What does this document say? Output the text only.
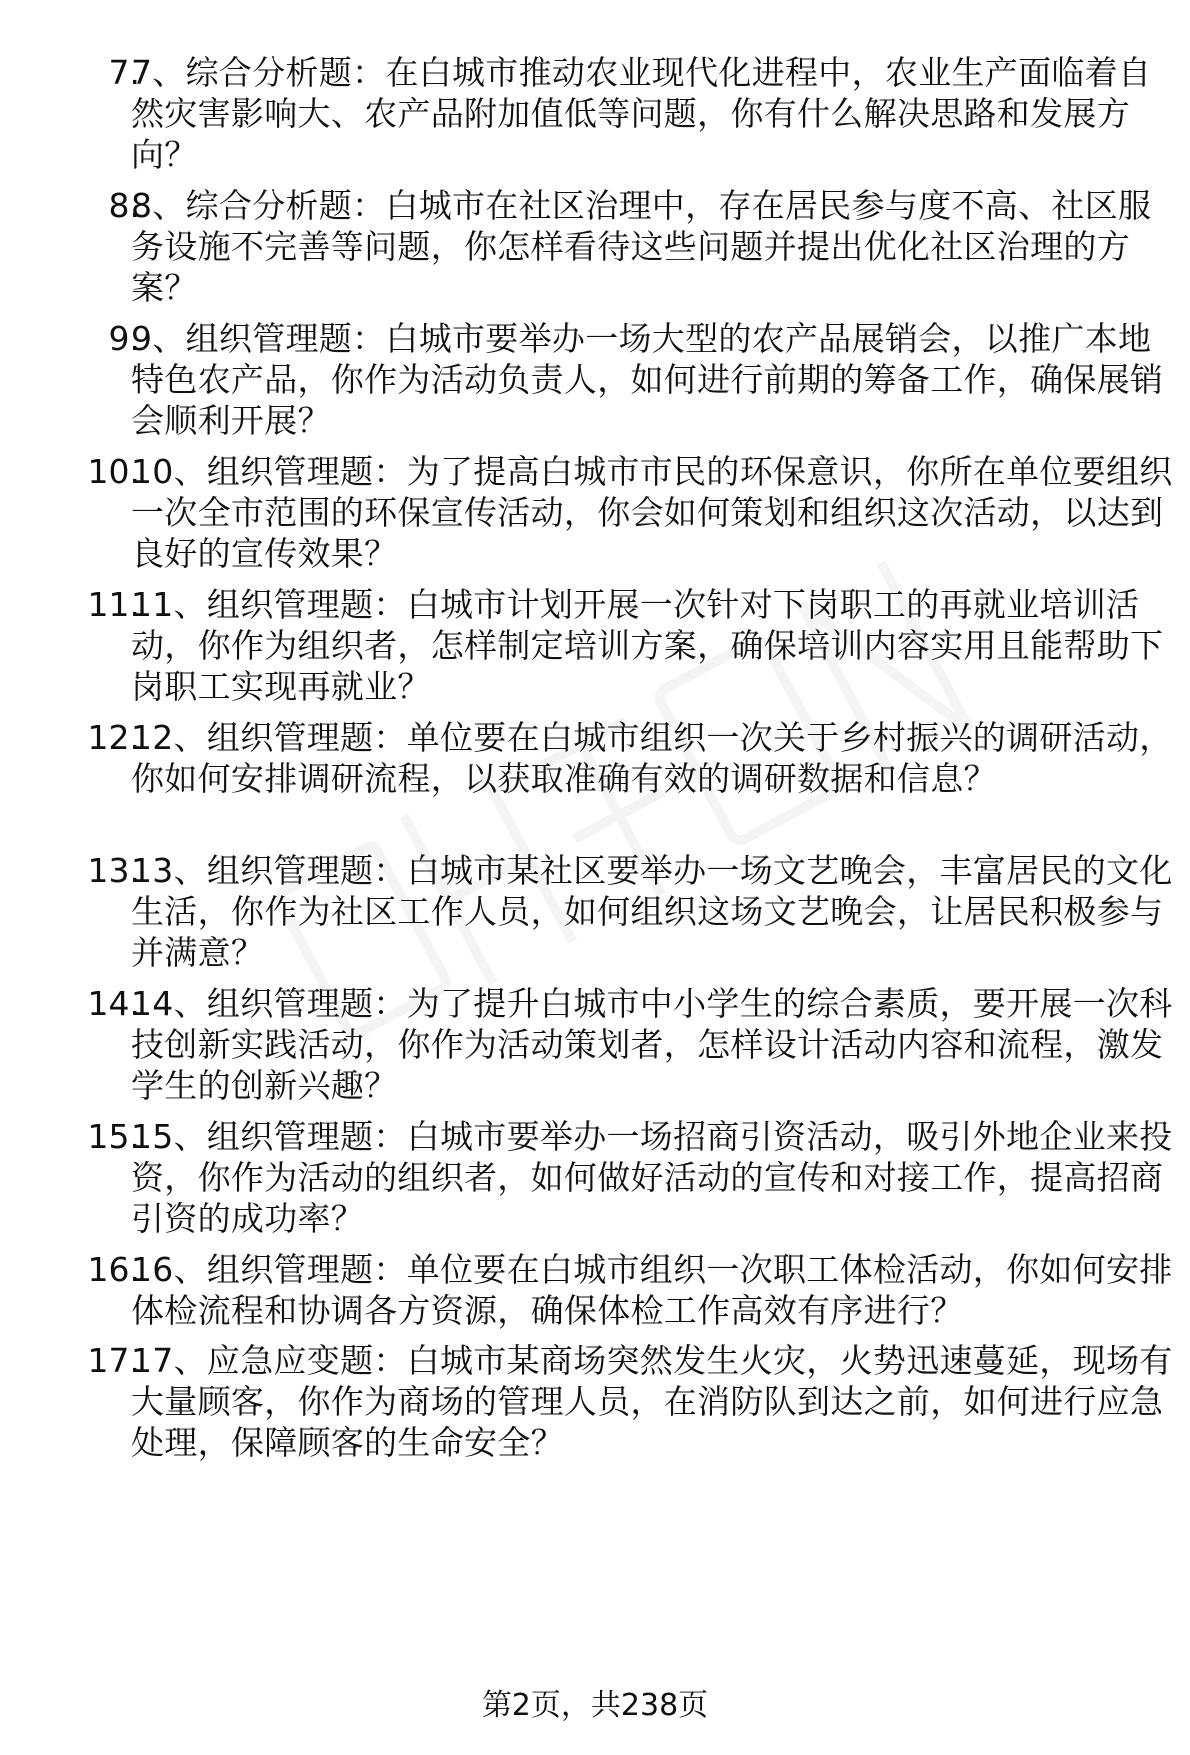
7.

7、综合分析题：在白城市推动农业现代化进程中，农业生产面临着自然灾害影响大、农产品附加值低等问题，你有什么解决思路和发展方向？

8.

8、综合分析题：白城市在社区治理中，存在居民参与度不高、社区服务设施不完善等问题，你怎样看待这些问题并提出优化社区治理的方案？

9.

9、组织管理题：白城市要举办一场大型的农产品展销会，以推广本地特色农产品，你作为活动负责人，如何进行前期的筹备工作，确保展销会顺利开展？

10.

10、组织管理题：为了提高白城市市民的环保意识，你所在单位要组织一次全市范围的环保宣传活动，你会如何策划和组织这次活动，以达到良好的宣传效果？

11.

11、组织管理题：白城市计划开展一次针对下岗职工的再就业培训活动，你作为组织者，怎样制定培训方案，确保培训内容实用且能帮助下岗职工实现再就业？

12.

12、组织管理题：单位要在白城市组织一次关于乡村振兴的调研活动，你如何安排调研流程，以获取准确有效的调研数据和信息？

13.

13、组织管理题：白城市某社区要举办一场文艺晚会，丰富居民的文化生活，你作为社区工作人员，如何组织这场文艺晚会，让居民积极参与并满意？

14.

14、组织管理题：为了提升白城市中小学生的综合素质，要开展一次科技创新实践活动，你作为活动策划者，怎样设计活动内容和流程，激发学生的创新兴趣？

15.

15、组织管理题：白城市要举办一场招商引资活动，吸引外地企业来投资，你作为活动的组织者，如何做好活动的宣传和对接工作，提高招商引资的成功率？

16.

16、组织管理题：单位要在白城市组织一次职工体检活动，你如何安排体检流程和协调各方资源，确保体检工作高效有序进行？

17.

17、应急应变题：白城市某商场突然发生火灾，火势迅速蔓延，现场有大量顾客，你作为商场的管理人员，在消防队到达之前，如何进行应急处理，保障顾客的生命安全？

第2页，共238页
